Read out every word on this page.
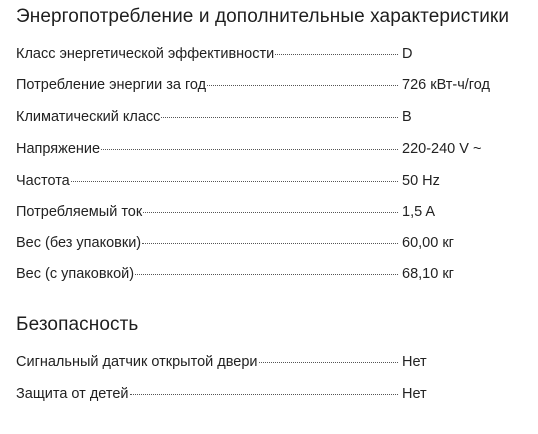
Энергопотребление и дополнительные характеристики
Класс энергетической эффективности	D
Потребление энергии за год	726 кВт-ч/год
Климатический класс	B
Напряжение	220-240 V ~
Частота	50 Hz
Потребляемый ток	1,5 A
Вес (без упаковки)	60,00 кг
Вес (с упаковкой)	68,10 кг
Безопасность
Сигнальный датчик открытой двери	Нет
Защита от детей	Нет
